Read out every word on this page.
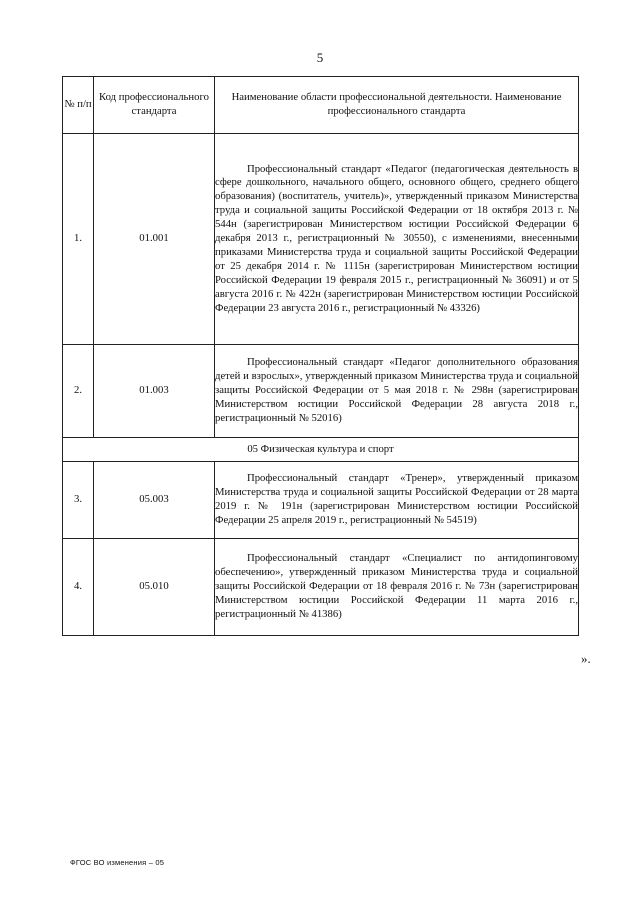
5
№ п/п	Код профессионального стандарта	Наименование области профессиональной деятельности. Наименование профессионального стандарта
1.	01.001	Профессиональный стандарт «Педагог (педагогическая деятельность в сфере дошкольного, начального общего, основного общего, среднего общего образования) (воспитатель, учитель)», утвержденный приказом Министерства труда и социальной защиты Российской Федерации от 18 октября 2013 г. № 544н (зарегистрирован Министерством юстиции Российской Федерации 6 декабря 2013 г., регистрационный № 30550), с изменениями, внесенными приказами Министерства труда и социальной защиты Российской Федерации от 25 декабря 2014 г. № 1115н (зарегистрирован Министерством юстиции Российской Федерации 19 февраля 2015 г., регистрационный № 36091) и от 5 августа 2016 г. № 422н (зарегистрирован Министерством юстиции Российской Федерации 23 августа 2016 г., регистрационный № 43326)

2.	01.003	Профессиональный стандарт «Педагог дополнительного образования детей и взрослых», утвержденный приказом Министерства труда и социальной защиты Российской Федерации от 5 мая 2018 г. № 298н (зарегистрирован Министерством юстиции Российской Федерации 28 августа 2018 г., регистрационный № 52016)

05 Физическая культура и спорт		
3.	05.003	Профессиональный стандарт «Тренер», утвержденный приказом Министерства труда и социальной защиты Российской Федерации от 28 марта 2019 г. № 191н (зарегистрирован Министерством юстиции Российской Федерации 25 апреля 2019 г., регистрационный № 54519)

4.	05.010	Профессиональный стандарт «Специалист по антидопинговому обеспечению», утвержденный приказом Министерства труда и социальной защиты Российской Федерации от 18 февраля 2016 г. № 73н (зарегистрирован Министерством юстиции Российской Федерации 11 марта 2016 г., регистрационный № 41386)
».
ФГОС ВО изменения – 05
